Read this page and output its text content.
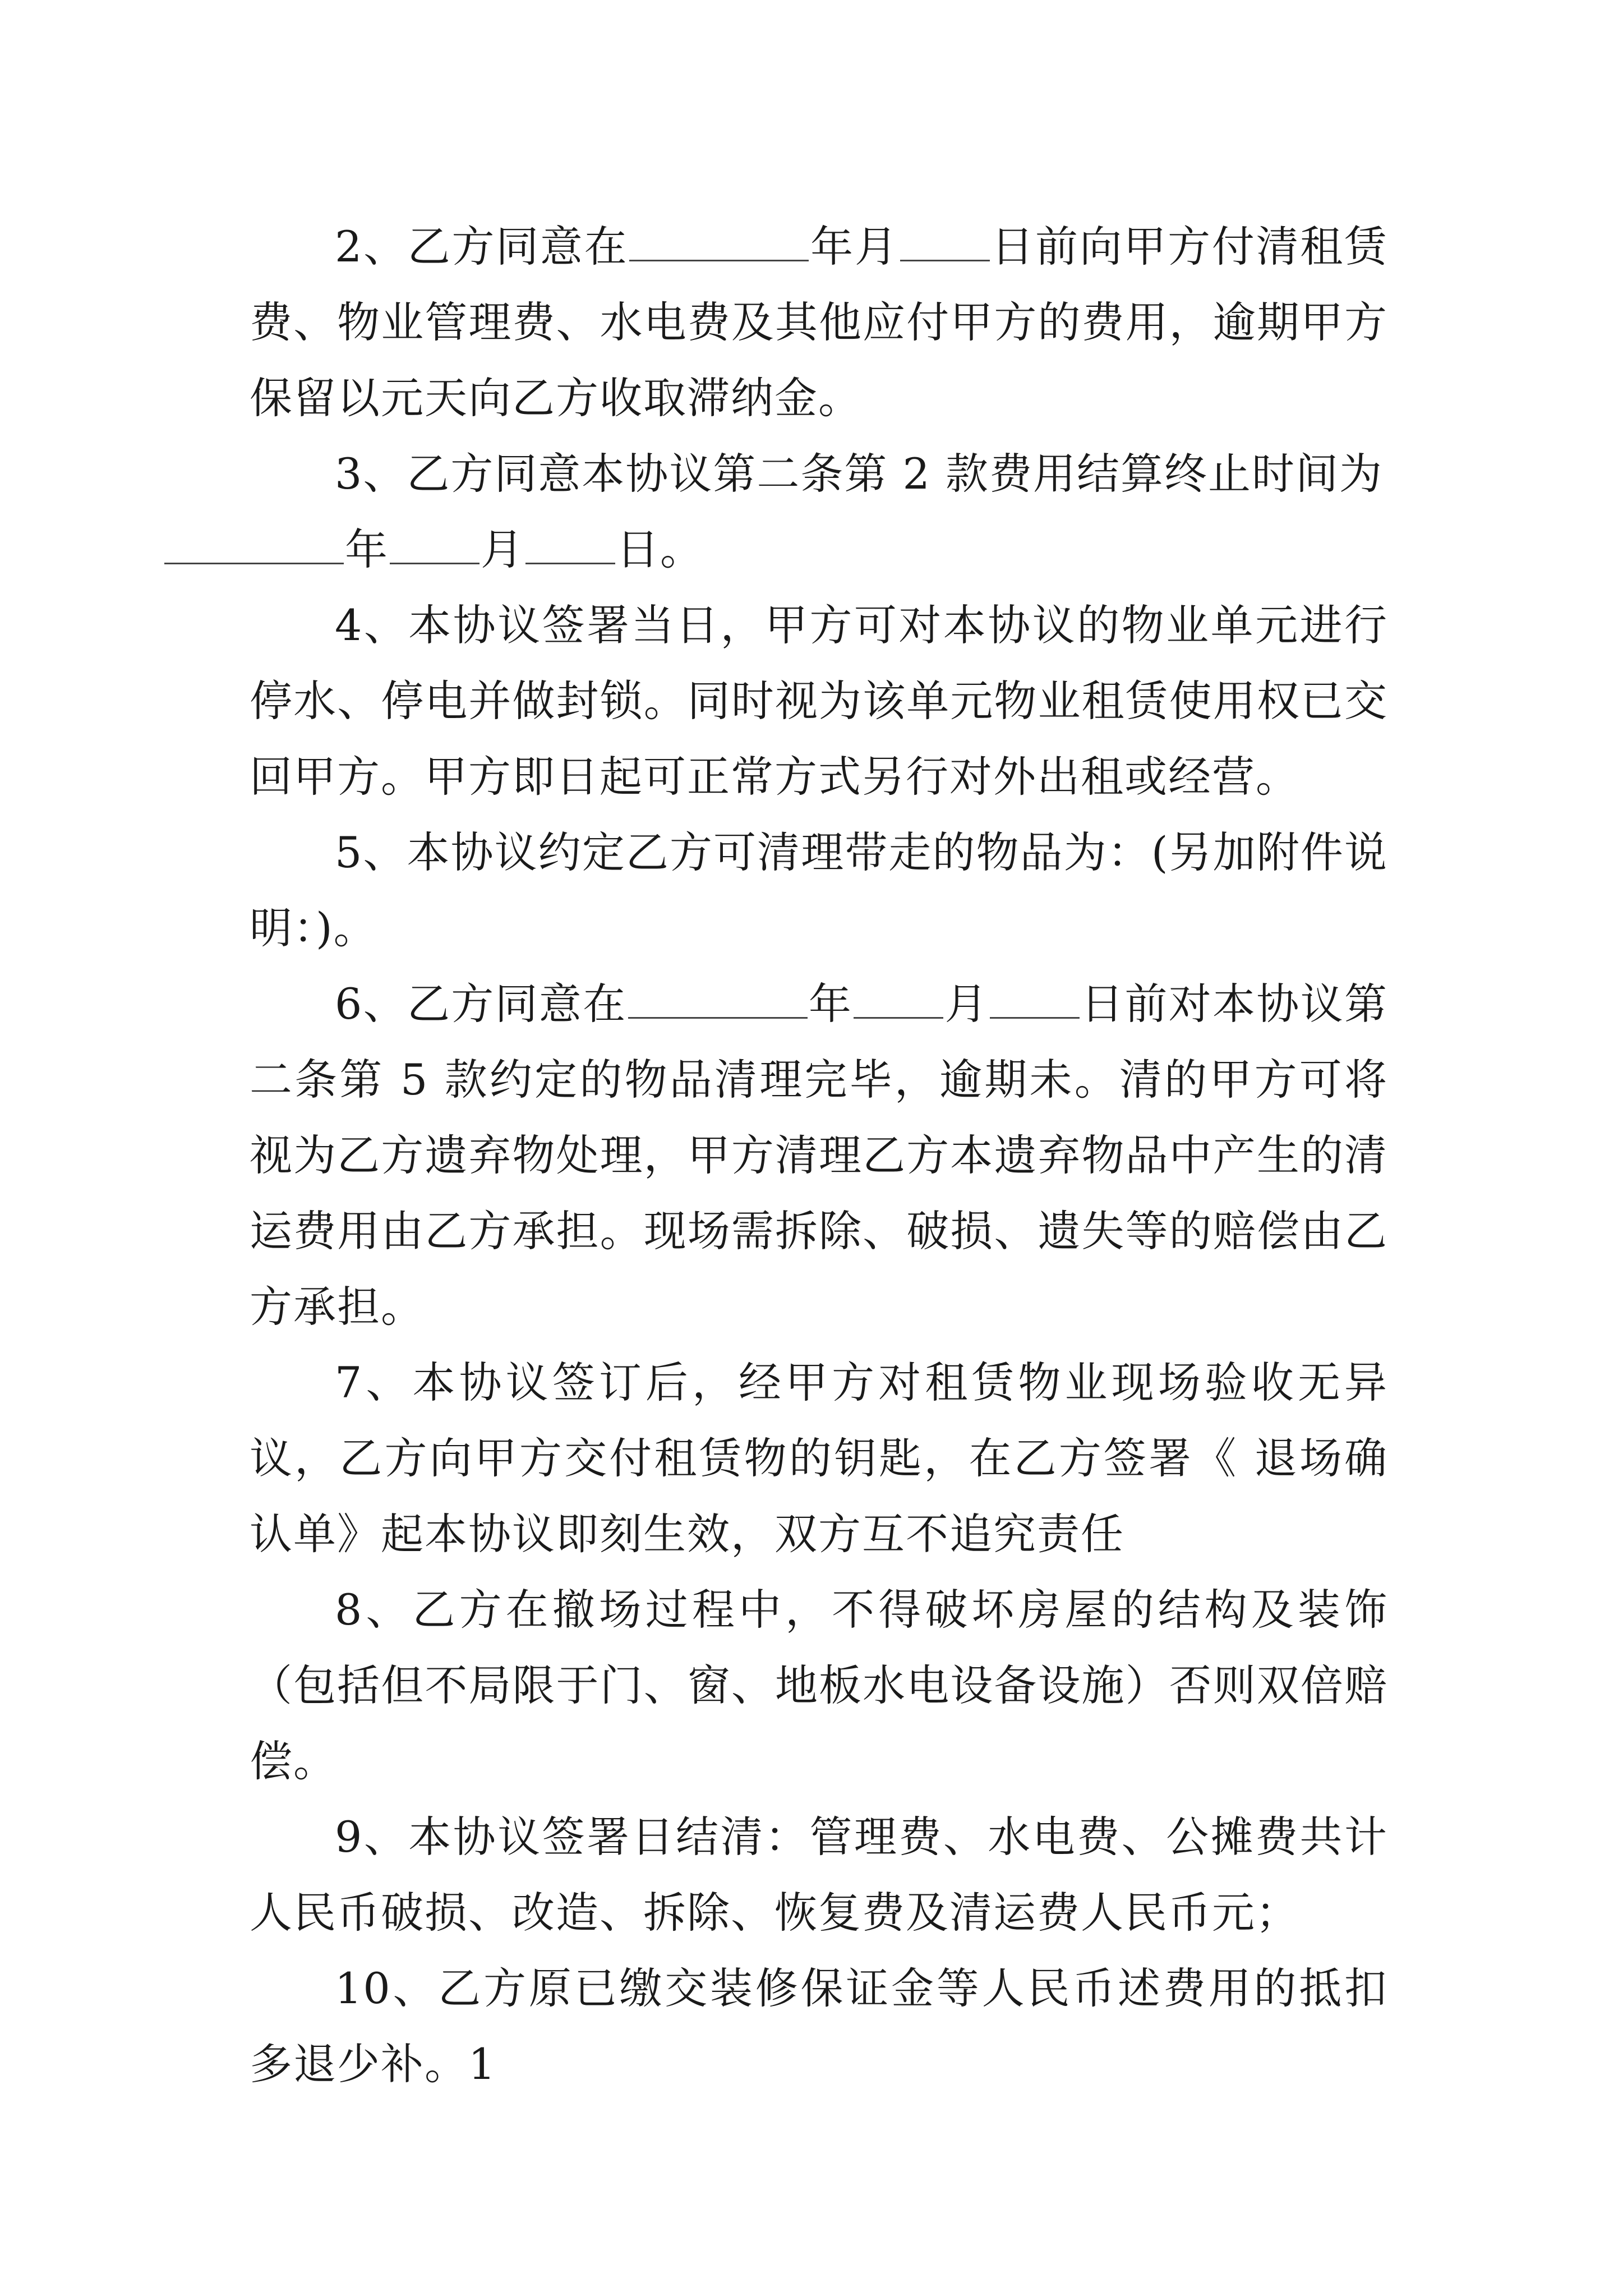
2、乙方同意在	年月 日前向甲方付清租赁费、物业管理费、水电费及其他应付甲方的费用，逾期甲方保留以元天向乙方收取滞纳金。

3、乙方同意本协议第二条第 2 款费用结算终止时间为
年 月 日。

4、本协议签署当日，甲方可对本协议的物业单元进行停水、停电并做封锁。同时视为该单元物业租赁使用权已交回甲方。甲方即日起可正常方式另行对外出租或经营。

5、本协议约定乙方可清理带走的物品为：(另加附件说明：)。

6、乙方同意在	年 月 日前对本协议第二条第 5 款约定的物品清理完毕，逾期未。清的甲方可将视为乙方遗弃物处理，甲方清理乙方本遗弃物品中产生的清运费用由乙方承担。现场需拆除、破损、遗失等的赔偿由乙方承担。

7、本协议签订后，经甲方对租赁物业现场验收无异议，乙方向甲方交付租赁物的钥匙，在乙方签署《 退场确认单》起本协议即刻生效，双方互不追究责任

8、乙方在撤场过程中，不得破坏房屋的结构及装饰（包括但不局限于门、窗、地板水电设备设施）否则双倍赔偿。

9、本协议签署日结清：管理费、水电费、公摊费共计人民币破损、改造、拆除、恢复费及清运费人民币元；

10、乙方原已缴交装修保证金等人民币述费用的抵扣多退少补。1
